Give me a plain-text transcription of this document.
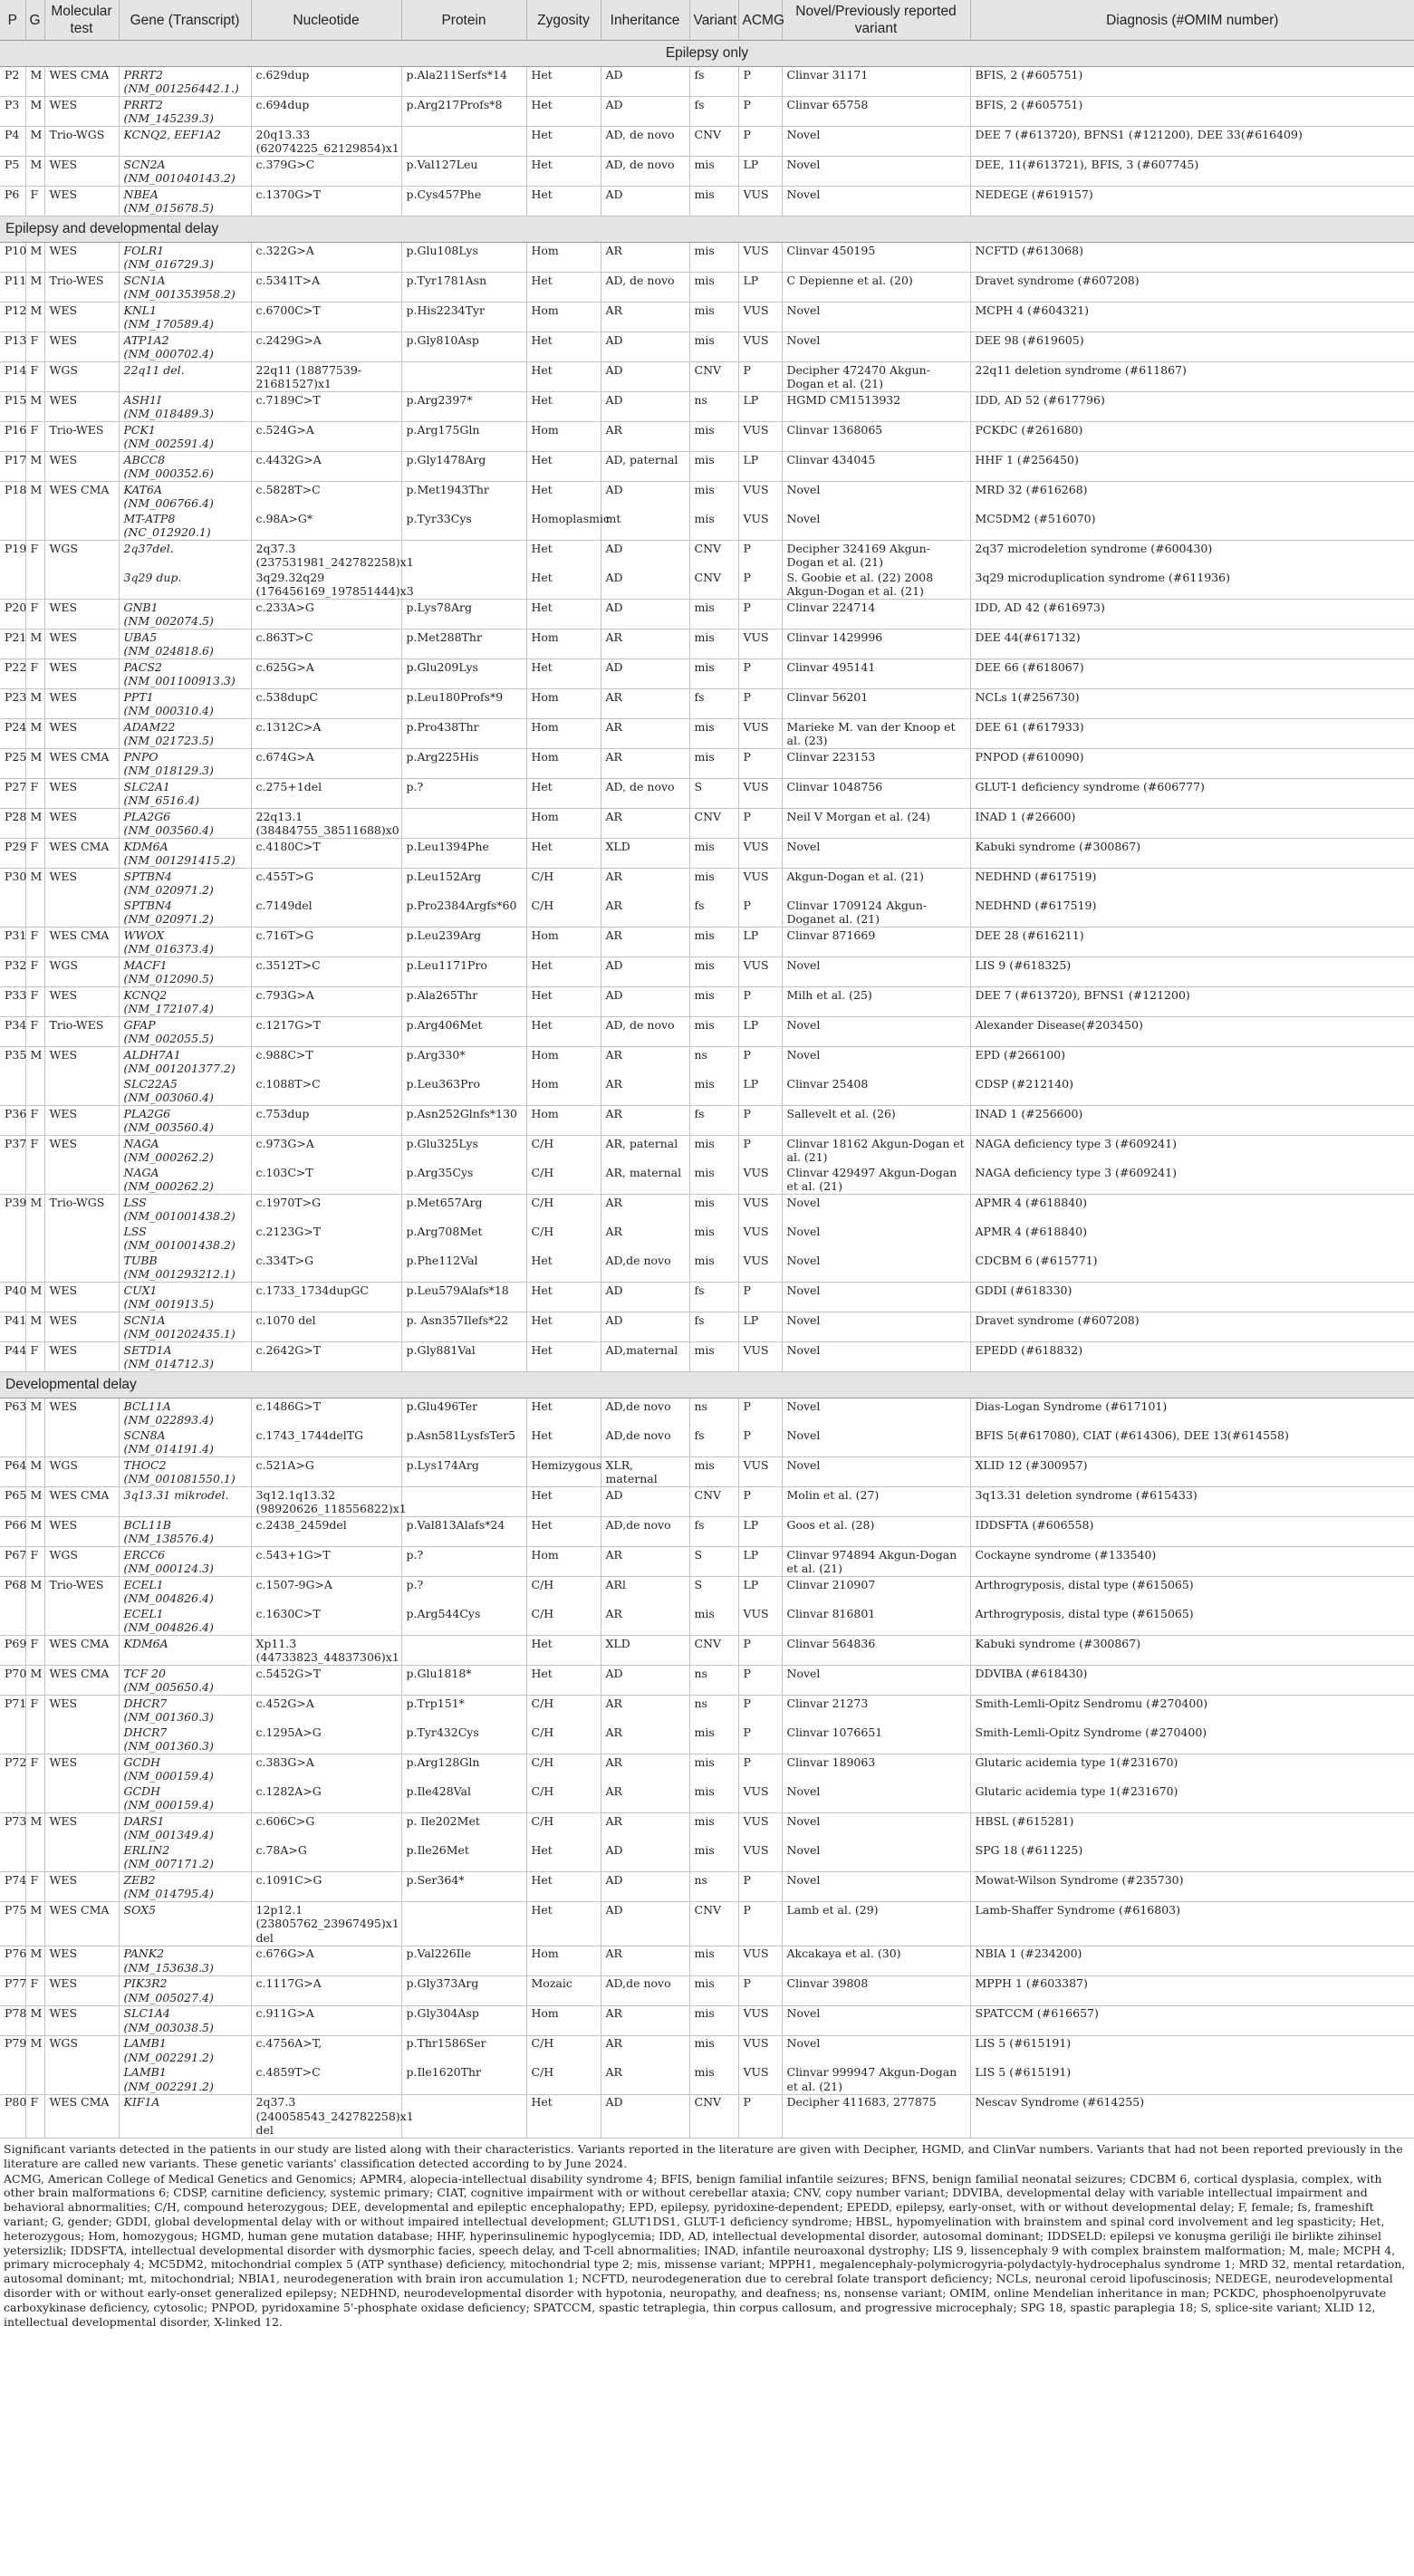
P	G	Molecular test	Gene (Transcript)	Nucleotide	Protein	Zygosity	Inheritance	Variant	ACMG	Novel/Previously reported variant	Diagnosis (#OMIM number)
Epilepsy only											
P2	M	WES CMA	PRRT2 (NM_001256442.1.)	c.629dup	p.Ala211Serfs*14	Het	AD	fs	P	Clinvar 31171	BFIS, 2 (#605751)
P3	M	WES	PRRT2 (NM_145239.3)	c.694dup	p.Arg217Profs*8	Het	AD	fs	P	Clinvar 65758	BFIS, 2 (#605751)
P4	M	Trio-WGS	KCNQ2, EEF1A2	20q13.33 (62074225_62129854)x1		Het	AD, de novo	CNV	P	Novel	DEE 7 (#613720), BFNS1 (#121200), DEE 33(#616409)
P5	M	WES	SCN2A (NM_001040143.2)	c.379G>C	p.Val127Leu	Het	AD, de novo	mis	LP	Novel	DEE, 11(#613721), BFIS, 3 (#607745)
P6	F	WES	NBEA (NM_015678.5)	c.1370G>T	p.Cys457Phe	Het	AD	mis	VUS	Novel	NEDEGE (#619157)
Epilepsy and developmental delay											
P10	M	WES	FOLR1 (NM_016729.3)	c.322G>A	p.Glu108Lys	Hom	AR	mis	VUS	Clinvar 450195	NCFTD (#613068)
P11	M	Trio-WES	SCN1A (NM_001353958.2)	c.5341T>A	p.Tyr1781Asn	Het	AD, de novo	mis	LP	C Depienne et al. (20)	Dravet syndrome (#607208)
P12	M	WES	KNL1 (NM_170589.4)	c.6700C>T	p.His2234Tyr	Hom	AR	mis	VUS	Novel	MCPH 4 (#604321)
P13	F	WES	ATP1A2 (NM_000702.4)	c.2429G>A	p.Gly810Asp	Het	AD	mis	VUS	Novel	DEE 98 (#619605)
P14	F	WGS	22q11 del.	22q11 (18877539-21681527)x1		Het	AD	CNV	P	Decipher 472470 Akgun-Dogan et al. (21)	22q11 deletion syndrome (#611867)
P15	M	WES	ASH1I (NM_018489.3)	c.7189C>T	p.Arg2397*	Het	AD	ns	LP	HGMD CM1513932	IDD, AD 52 (#617796)
P16	F	Trio-WES	PCK1 (NM_002591.4)	c.524G>A	p.Arg175Gln	Hom	AR	mis	VUS	Clinvar 1368065	PCKDC (#261680)
P17	M	WES	ABCC8 (NM_000352.6)	c.4432G>A	p.Gly1478Arg	Het	AD, paternal	mis	LP	Clinvar 434045	HHF 1 (#256450)
P18	M	WES CMA	KAT6A (NM_006766.4)	c.5828T>C	p.Met1943Thr	Het	AD	mis	VUS	Novel	MRD 32 (#616268)
			MT-ATP8 (NC_012920.1)	c.98A>G*	p.Tyr33Cys	Homoplasmic	mt	mis	VUS	Novel	MC5DM2 (#516070)
P19	F	WGS	2q37del.	2q37.3 (237531981_242782258)x1		Het	AD	CNV	P	Decipher 324169 Akgun-Dogan et al. (21)	2q37 microdeletion syndrome (#600430)
			3q29 dup.	3q29.32q29 (176456169_197851444)x3		Het	AD	CNV	P	S. Goobie et al. (22) 2008 Akgun-Dogan et al. (21)	3q29 microduplication syndrome (#611936)
P20	F	WES	GNB1 (NM_002074.5)	c.233A>G	p.Lys78Arg	Het	AD	mis	P	Clinvar 224714	IDD, AD 42 (#616973)
P21	M	WES	UBA5 (NM_024818.6)	c.863T>C	p.Met288Thr	Hom	AR	mis	VUS	Clinvar 1429996	DEE 44(#617132)
P22	F	WES	PACS2 (NM_001100913.3)	c.625G>A	p.Glu209Lys	Het	AD	mis	P	Clinvar 495141	DEE 66 (#618067)
P23	M	WES	PPT1 (NM_000310.4)	c.538dupC	p.Leu180Profs*9	Hom	AR	fs	P	Clinvar 56201	NCLs 1(#256730)
P24	M	WES	ADAM22 (NM_021723.5)	c.1312C>A	p.Pro438Thr	Hom	AR	mis	VUS	Marieke M. van der Knoop et al. (23)	DEE 61 (#617933)
P25	M	WES CMA	PNPO (NM_018129.3)	c.674G>A	p.Arg225His	Hom	AR	mis	P	Clinvar 223153	PNPOD (#610090)
P27	F	WES	SLC2A1 (NM_6516.4)	c.275+1del	p.?	Het	AD, de novo	S	VUS	Clinvar 1048756	GLUT-1 deficiency syndrome (#606777)
P28	M	WES	PLA2G6 (NM_003560.4)	22q13.1 (38484755_38511688)x0		Hom	AR	CNV	P	Neil V Morgan et al. (24)	INAD 1 (#26600)
P29	F	WES CMA	KDM6A (NM_001291415.2)	c.4180C>T	p.Leu1394Phe	Het	XLD	mis	VUS	Novel	Kabuki syndrome (#300867)
P30	M	WES	SPTBN4 (NM_020971.2)	c.455T>G	p.Leu152Arg	C/H	AR	mis	VUS	Akgun-Dogan et al. (21)	NEDHND (#617519)
			SPTBN4 (NM_020971.2)	c.7149del	p.Pro2384Argfs*60	C/H	AR	fs	P	Clinvar 1709124 Akgun-Doganet al. (21)	NEDHND (#617519)
P31	F	WES CMA	WWOX (NM_016373.4)	c.716T>G	p.Leu239Arg	Hom	AR	mis	LP	Clinvar 871669	DEE 28 (#616211)
P32	F	WGS	MACF1 (NM_012090.5)	c.3512T>C	p.Leu1171Pro	Het	AD	mis	VUS	Novel	LIS 9 (#618325)
P33	F	WES	KCNQ2 (NM_172107.4)	c.793G>A	p.Ala265Thr	Het	AD	mis	P	Milh et al. (25)	DEE 7 (#613720), BFNS1 (#121200)
P34	F	Trio-WES	GFAP (NM_002055.5)	c.1217G>T	p.Arg406Met	Het	AD, de novo	mis	LP	Novel	Alexander Disease(#203450)
P35	M	WES	ALDH7A1 (NM_001201377.2)	c.988C>T	p.Arg330*	Hom	AR	ns	P	Novel	EPD (#266100)
			SLC22A5 (NM_003060.4)	c.1088T>C	p.Leu363Pro	Hom	AR	mis	LP	Clinvar 25408	CDSP (#212140)
P36	F	WES	PLA2G6 (NM_003560.4)	c.753dup	p.Asn252Glnfs*130	Hom	AR	fs	P	Sallevelt et al. (26)	INAD 1 (#256600)
P37	F	WES	NAGA (NM_000262.2)	c.973G>A	p.Glu325Lys	C/H	AR, paternal	mis	P	Clinvar 18162 Akgun-Dogan et al. (21)	NAGA deficiency type 3 (#609241)
			NAGA (NM_000262.2)	c.103C>T	p.Arg35Cys	C/H	AR, maternal	mis	VUS	Clinvar 429497 Akgun-Dogan et al. (21)	NAGA deficiency type 3 (#609241)
P39	M	Trio-WGS	LSS (NM_001001438.2)	c.1970T>G	p.Met657Arg	C/H	AR	mis	VUS	Novel	APMR 4 (#618840)
			LSS (NM_001001438.2)	c.2123G>T	p.Arg708Met	C/H	AR	mis	VUS	Novel	APMR 4 (#618840)
			TUBB (NM_001293212.1)	c.334T>G	p.Phe112Val	Het	AD,de novo	mis	VUS	Novel	CDCBM 6 (#615771)
P40	M	WES	CUX1 (NM_001913.5)	c.1733_1734dupGC	p.Leu579Alafs*18	Het	AD	fs	P	Novel	GDDI (#618330)
P41	M	WES	SCN1A (NM_001202435.1)	c.1070 del	p. Asn357Ilefs*22	Het	AD	fs	LP	Novel	Dravet syndrome (#607208)
P44	F	WES	SETD1A (NM_014712.3)	c.2642G>T	p.Gly881Val	Het	AD,maternal	mis	VUS	Novel	EPEDD (#618832)
Developmental delay											
P63	M	WES	BCL11A (NM_022893.4)	c.1486G>T	p.Glu496Ter	Het	AD,de novo	ns	P	Novel	Dias-Logan Syndrome (#617101)
			SCN8A (NM_014191.4)	c.1743_1744delTG	p.Asn581LysfsTer5	Het	AD,de novo	fs	P	Novel	BFIS 5(#617080), CIAT (#614306), DEE 13(#614558)
P64	M	WGS	THOC2 (NM_001081550.1)	c.521A>G	p.Lys174Arg	Hemizygous	XLR, maternal	mis	VUS	Novel	XLID 12 (#300957)
P65	M	WES CMA	3q13.31 mikrodel.	3q12.1q13.32 (98920626_118556822)x1		Het	AD	CNV	P	Molin et al. (27)	3q13.31 deletion syndrome (#615433)
P66	M	WES	BCL11B (NM_138576.4)	c.2438_2459del	p.Val813Alafs*24	Het	AD,de novo	fs	LP	Goos et al. (28)	IDDSFTA (#606558)
P67	F	WGS	ERCC6 (NM_000124.3)	c.543+1G>T	p.?	Hom	AR	S	LP	Clinvar 974894 Akgun-Dogan et al. (21)	Cockayne syndrome (#133540)
P68	M	Trio-WES	ECEL1 (NM_004826.4)	c.1507-9G>A	p.?	C/H	ARl	S	LP	Clinvar 210907	Arthrogryposis, distal type (#615065)
			ECEL1 (NM_004826.4)	c.1630C>T	p.Arg544Cys	C/H	AR	mis	VUS	Clinvar 816801	Arthrogryposis, distal type (#615065)
P69	F	WES CMA	KDM6A	Xp11.3 (44733823_44837306)x1		Het	XLD	CNV	P	Clinvar 564836	Kabuki syndrome (#300867)
P70	M	WES CMA	TCF 20 (NM_005650.4)	c.5452G>T	p.Glu1818*	Het	AD	ns	P	Novel	DDVIBA (#618430)
P71	F	WES	DHCR7 (NM_001360.3)	c.452G>A	p.Trp151*	C/H	AR	ns	P	Clinvar 21273	Smith-Lemli-Opitz Sendromu (#270400)
			DHCR7 (NM_001360.3)	c.1295A>G	p.Tyr432Cys	C/H	AR	mis	P	Clinvar 1076651	Smith-Lemli-Opitz Syndrome (#270400)
P72	F	WES	GCDH (NM_000159.4)	c.383G>A	p.Arg128Gln	C/H	AR	mis	P	Clinvar 189063	Glutaric acidemia type 1(#231670)
			GCDH (NM_000159.4)	c.1282A>G	p.Ile428Val	C/H	AR	mis	VUS	Novel	Glutaric acidemia type 1(#231670)
P73	M	WES	DARS1 (NM_001349.4)	c.606C>G	p. Ile202Met	C/H	AR	mis	VUS	Novel	HBSL (#615281)
			ERLIN2 (NM_007171.2)	c.78A>G	p.Ile26Met	Het	AD	mis	VUS	Novel	SPG 18 (#611225)
P74	F	WES	ZEB2 (NM_014795.4)	c.1091C>G	p.Ser364*	Het	AD	ns	P	Novel	Mowat-Wilson Syndrome (#235730)
P75	M	WES CMA	SOX5	12p12.1 (23805762_23967495)x1 del		Het	AD	CNV	P	Lamb et al. (29)	Lamb-Shaffer Syndrome (#616803)
P76	M	WES	PANK2 (NM_153638.3)	c.676G>A	p.Val226Ile	Hom	AR	mis	VUS	Akcakaya et al. (30)	NBIA 1 (#234200)
P77	F	WES	PIK3R2 (NM_005027.4)	c.1117G>A	p.Gly373Arg	Mozaic	AD,de novo	mis	P	Clinvar 39808	MPPH 1 (#603387)
P78	M	WES	SLC1A4 (NM_003038.5)	c.911G>A	p.Gly304Asp	Hom	AR	mis	VUS	Novel	SPATCCM (#616657)
P79	M	WGS	LAMB1 (NM_002291.2)	c.4756A>T,	p.Thr1586Ser	C/H	AR	mis	VUS	Novel	LIS 5 (#615191)
			LAMB1 (NM_002291.2)	c.4859T>C	p.Ile1620Thr	C/H	AR	mis	VUS	Clinvar 999947 Akgun-Dogan et al. (21)	LIS 5 (#615191)
P80	F	WES CMA	KIF1A	2q37.3 (240058543_242782258)x1 del		Het	AD	CNV	P	Decipher 411683, 277875	Nescav Syndrome (#614255)

Significant variants detected in the patients in our study are listed along with their characteristics. Variants reported in the literature are given with Decipher, HGMD, and ClinVar numbers. Variants that had not been reported previously in the literature are called new variants. These genetic variants' classification detected according to by June 2024.

ACMG, American College of Medical Genetics and Genomics; APMR4, alopecia-intellectual disability syndrome 4; BFIS, benign familial infantile seizures; BFNS, benign familial neonatal seizures; CDCBM 6, cortical dysplasia, complex, with other brain malformations 6; CDSP, carnitine deficiency, systemic primary; CIAT, cognitive impairment with or without cerebellar ataxia; CNV, copy number variant; DDVIBA, developmental delay with variable intellectual impairment and behavioral abnormalities; C/H, compound heterozygous; DEE, developmental and epileptic encephalopathy; EPD, epilepsy, pyridoxine-dependent; EPEDD, epilepsy, early-onset, with or without developmental delay; F, female; fs, frameshift variant; G, gender; GDDI, global developmental delay with or without impaired intellectual development; GLUT1DS1, GLUT-1 deficiency syndrome; HBSL, hypomyelination with brainstem and spinal cord involvement and leg spasticity; Het, heterozygous; Hom, homozygous; HGMD, human gene mutation database; HHF, hyperinsulinemic hypoglycemia; IDD, AD, intellectual developmental disorder, autosomal dominant; IDDSELD: epilepsi ve konuşma geriliği ile birlikte zihinsel yetersizlik; IDDSFTA, intellectual developmental disorder with dysmorphic facies, speech delay, and T-cell abnormalities; INAD, infantile neuroaxonal dystrophy; LIS 9, lissencephaly 9 with complex brainstem malformation; M, male; MCPH 4, primary microcephaly 4; MC5DM2, mitochondrial complex 5 (ATP synthase) deficiency, mitochondrial type 2; mis, missense variant; MPPH1, megalencephaly-polymicrogyria-polydactyly-hydrocephalus syndrome 1; MRD 32, mental retardation, autosomal dominant; mt, mitochondrial; NBIA1, neurodegeneration with brain iron accumulation 1; NCFTD, neurodegeneration due to cerebral folate transport deficiency; NCLs, neuronal ceroid lipofuscinosis; NEDEGE, neurodevelopmental disorder with or without early-onset generalized epilepsy; NEDHND, neurodevelopmental disorder with hypotonia, neuropathy, and deafness; ns, nonsense variant; OMIM, online Mendelian inheritance in man; PCKDC, phosphoenolpyruvate carboxykinase deficiency, cytosolic; PNPOD, pyridoxamine 5'-phosphate oxidase deficiency; SPATCCM, spastic tetraplegia, thin corpus callosum, and progressive microcephaly; SPG 18, spastic paraplegia 18; S, splice-site variant; XLID 12, intellectual developmental disorder, X-linked 12.
